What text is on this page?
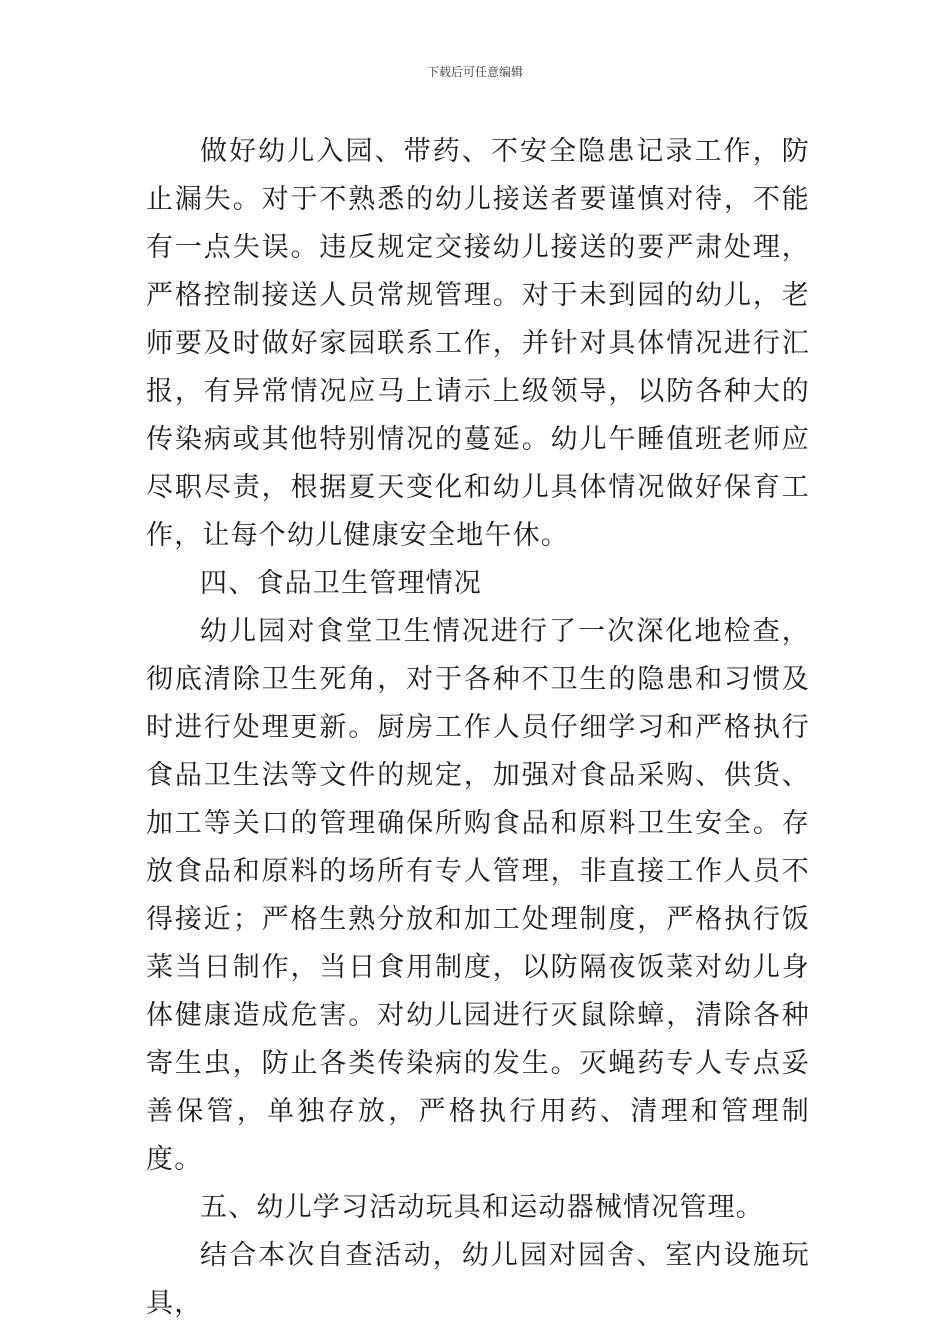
下载后可任意编辑

做好幼儿入园、带药、不安全隐患记录工作，防止漏失。对于不熟悉的幼儿接送者要谨慎对待，不能有一点失误。违反规定交接幼儿接送的要严肃处理，严格控制接送人员常规管理。对于未到园的幼儿，老师要及时做好家园联系工作，并针对具体情况进行汇报，有异常情况应马上请示上级领导，以防各种大的传染病或其他特别情况的蔓延。幼儿午睡值班老师应尽职尽责，根据夏天变化和幼儿具体情况做好保育工作，让每个幼儿健康安全地午休。

四、食品卫生管理情况

幼儿园对食堂卫生情况进行了一次深化地检查，彻底清除卫生死角，对于各种不卫生的隐患和习惯及时进行处理更新。厨房工作人员仔细学习和严格执行食品卫生法等文件的规定，加强对食品采购、供货、加工等关口的管理确保所购食品和原料卫生安全。存放食品和原料的场所有专人管理，非直接工作人员不得接近；严格生熟分放和加工处理制度，严格执行饭菜当日制作，当日食用制度，以防隔夜饭菜对幼儿身体健康造成危害。对幼儿园进行灭鼠除蟑，清除各种寄生虫，防止各类传染病的发生。灭蝇药专人专点妥善保管，单独存放，严格执行用药、清理和管理制度。

五、幼儿学习活动玩具和运动器械情况管理。

结合本次自查活动，幼儿园对园舍、室内设施玩具，
